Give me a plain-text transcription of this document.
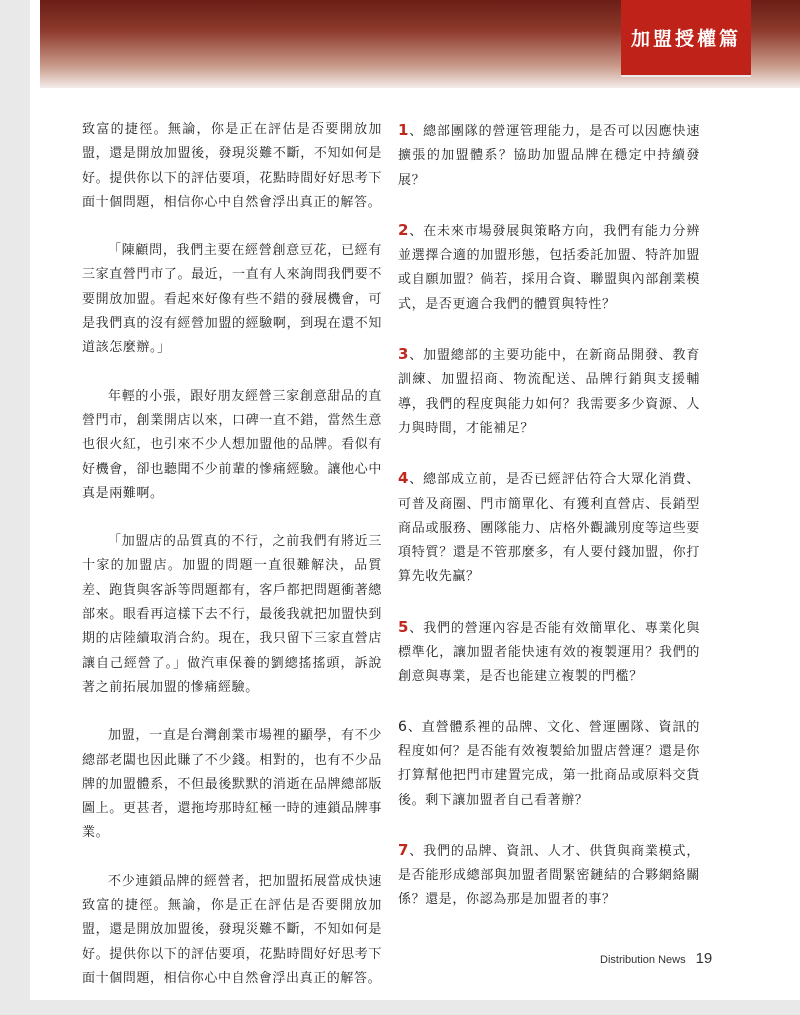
加盟授權篇

致富的捷徑。無論，你是正在評估是否要開放加盟，還是開放加盟後，發現災難不斷，不知如何是好。提供你以下的評估要項，花點時間好好思考下面十個問題，相信你心中自然會浮出真正的解答。

「陳顧問，我們主要在經營創意豆花，已經有三家直營門市了。最近，一直有人來詢問我們要不要開放加盟。看起來好像有些不錯的發展機會，可是我們真的沒有經營加盟的經驗啊，到現在還不知道該怎麼辦。」

年輕的小張，跟好朋友經營三家創意甜品的直營門市，創業開店以來，口碑一直不錯，當然生意也很火紅，也引來不少人想加盟他的品牌。看似有好機會，卻也聽聞不少前輩的慘痛經驗。讓他心中真是兩難啊。

「加盟店的品質真的不行，之前我們有將近三十家的加盟店。加盟的問題一直很難解決，品質差、跑貨與客訴等問題都有，客戶都把問題衝著總部來。眼看再這樣下去不行，最後我就把加盟快到期的店陸續取消合約。現在，我只留下三家直營店讓自己經營了。」做汽車保養的劉總搖搖頭，訴說著之前拓展加盟的慘痛經驗。

加盟，一直是台灣創業市場裡的顯學，有不少總部老闆也因此賺了不少錢。相對的，也有不少品牌的加盟體系，不但最後默默的消逝在品牌總部版圖上。更甚者，還拖垮那時紅極一時的連鎖品牌事業。

不少連鎖品牌的經營者，把加盟拓展當成快速致富的捷徑。無論，你是正在評估是否要開放加盟，還是開放加盟後，發現災難不斷，不知如何是好。提供你以下的評估要項，花點時間好好思考下面十個問題，相信你心中自然會浮出真正的解答。

1、總部團隊的營運管理能力，是否可以因應快速擴張的加盟體系？協助加盟品牌在穩定中持續發展？

2、在未來市場發展與策略方向，我們有能力分辨並選擇合適的加盟形態，包括委託加盟、特許加盟或自願加盟？倘若，採用合資、聯盟與內部創業模式，是否更適合我們的體質與特性？

3、加盟總部的主要功能中，在新商品開發、教育訓練、加盟招商、物流配送、品牌行銷與支援輔導，我們的程度與能力如何？我需要多少資源、人力與時間，才能補足？

4、總部成立前，是否已經評估符合大眾化消費、可普及商圈、門市簡單化、有獲利直營店、長銷型商品或服務、團隊能力、店格外觀識別度等這些要項特質？還是不管那麼多，有人要付錢加盟，你打算先收先贏？

5、我們的營運內容是否能有效簡單化、專業化與標準化，讓加盟者能快速有效的複製運用？我們的創意與專業，是否也能建立複製的門檻？

6、直營體系裡的品牌、文化、營運團隊、資訊的程度如何？是否能有效複製給加盟店營運？還是你打算幫他把門市建置完成，第一批商品或原料交貨後。剩下讓加盟者自己看著辦？

7、我們的品牌、資訊、人才、供貨與商業模式，是否能形成總部與加盟者間緊密鏈結的合夥網絡關係？還是，你認為那是加盟者的事？

Distribution News 19
